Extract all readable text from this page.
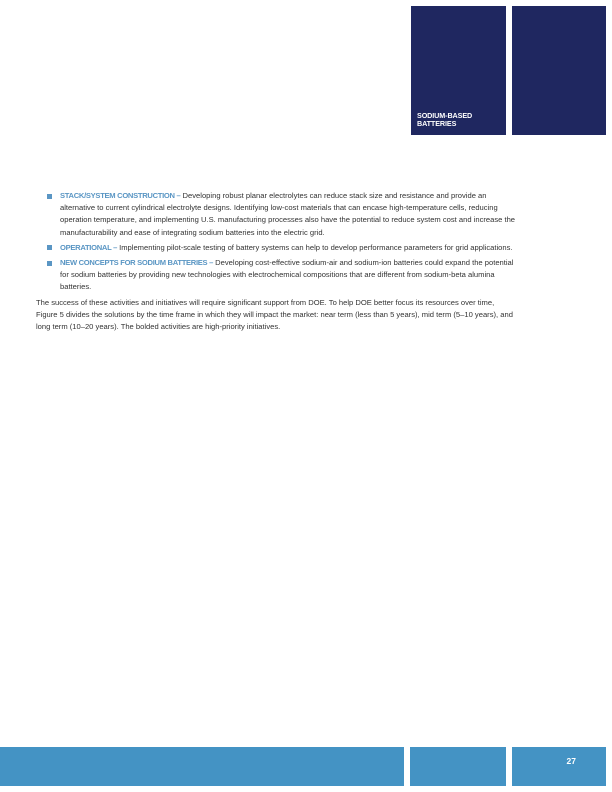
SODIUM-BASED BATTERIES
STACK/SYSTEM CONSTRUCTION – Developing robust planar electrolytes can reduce stack size and resistance and provide an alternative to current cylindrical electrolyte designs. Identifying low-cost materials that can encase high-temperature cells, reducing operation temperature, and implementing U.S. manufacturing processes also have the potential to reduce system cost and increase the manufacturability and ease of integrating sodium batteries into the electric grid.
OPERATIONAL – Implementing pilot-scale testing of battery systems can help to develop performance parameters for grid applications.
NEW CONCEPTS FOR SODIUM BATTERIES – Developing cost-effective sodium-air and sodium-ion batteries could expand the potential for sodium batteries by providing new technologies with electrochemical compositions that are different from sodium-beta alumina batteries.

The success of these activities and initiatives will require significant support from DOE. To help DOE better focus its resources over time, Figure 5 divides the solutions by the time frame in which they will impact the market: near term (less than 5 years), mid term (5–10 years), and long term (10–20 years). The bolded activities are high-priority initiatives.

27
